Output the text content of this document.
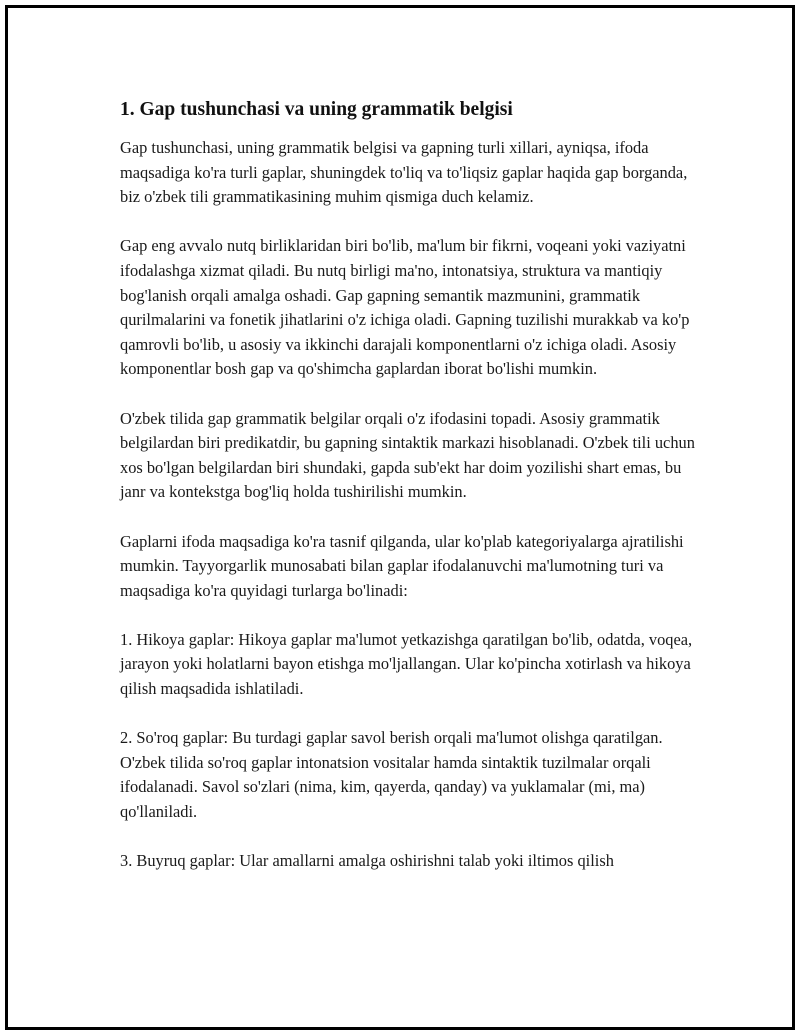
1. Gap tushunchasi va uning grammatik belgisi

Gap tushunchasi, uning grammatik belgisi va gapning turli xillari, ayniqsa, ifoda maqsadiga ko'ra turli gaplar, shuningdek to'liq va to'liqsiz gaplar haqida gap borganda, biz o'zbek tili grammatikasining muhim qismiga duch kelamiz.

Gap eng avvalo nutq birliklaridan biri bo'lib, ma'lum bir fikrni, voqeani yoki vaziyatni ifodalashga xizmat qiladi. Bu nutq birligi ma'no, intonatsiya, struktura va mantiqiy bog'lanish orqali amalga oshadi. Gap gapning semantik mazmunini, grammatik qurilmalarini va fonetik jihatlarini o'z ichiga oladi. Gapning tuzilishi murakkab va ko'p qamrovli bo'lib, u asosiy va ikkinchi darajali komponentlarni o'z ichiga oladi. Asosiy komponentlar bosh gap va qo'shimcha gaplardan iborat bo'lishi mumkin.

O'zbek tilida gap grammatik belgilar orqali o'z ifodasini topadi. Asosiy grammatik belgilardan biri predikatdir, bu gapning sintaktik markazi hisoblanadi. O'zbek tili uchun xos bo'lgan belgilardan biri shundaki, gapda sub'ekt har doim yozilishi shart emas, bu janr va kontekstga bog'liq holda tushirilishi mumkin.

Gaplarni ifoda maqsadiga ko'ra tasnif qilganda, ular ko'plab kategoriyalarga ajratilishi mumkin. Tayyorgarlik munosabati bilan gaplar ifodalanuvchi ma'lumotning turi va maqsadiga ko'ra quyidagi turlarga bo'linadi:

1. Hikoya gaplar: Hikoya gaplar ma'lumot yetkazishga qaratilgan bo'lib, odatda, voqea, jarayon yoki holatlarni bayon etishga mo'ljallangan. Ular ko'pincha xotirlash va hikoya qilish maqsadida ishlatiladi.

2. So'roq gaplar: Bu turdagi gaplar savol berish orqali ma'lumot olishga qaratilgan. O'zbek tilida so'roq gaplar intonatsion vositalar hamda sintaktik tuzilmalar orqali ifodalanadi. Savol so'zlari (nima, kim, qayerda, qanday) va yuklamalar (mi, ma) qo'llaniladi.

3. Buyruq gaplar: Ular amallarni amalga oshirishni talab yoki iltimos qilish
